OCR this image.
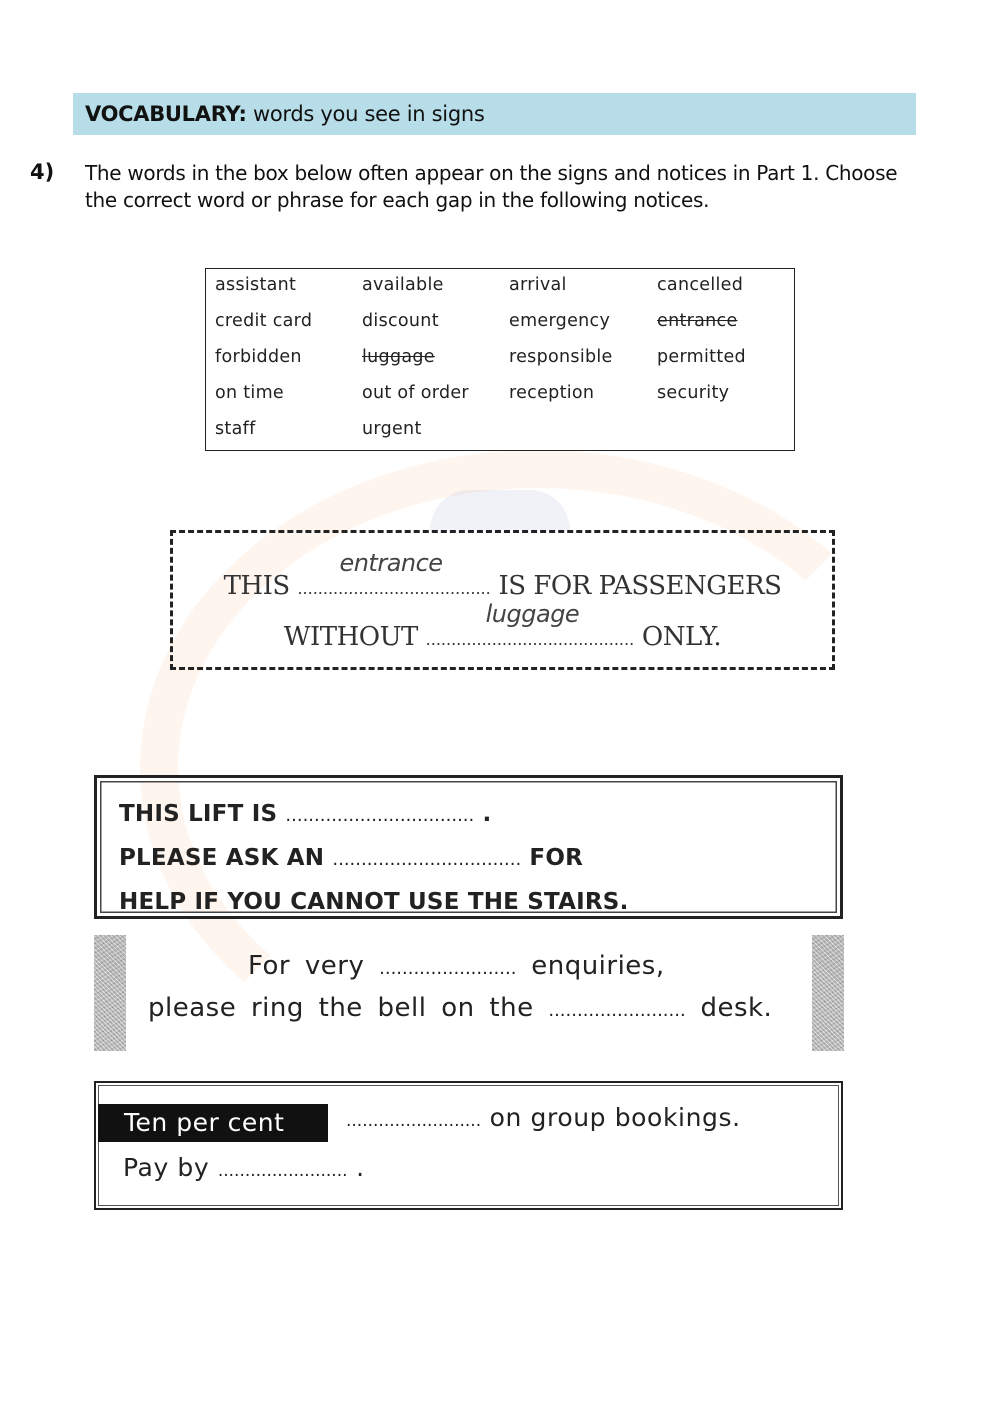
VOCABULARY: words you see in signs
4) The words in the box below often appear on the signs and notices in Part 1. Choose the correct word or phrase for each gap in the following notices.
assistant	available	arrival	cancelled
credit card	discount	emergency	entrance
forbidden	luggage	responsible	permitted
on time	out of order	reception	security
staff	urgent
THIS ......................................
entrance
IS FOR PASSENGERS
WITHOUT .........................................
luggage
ONLY.
THIS LIFT IS ................................. .
PLEASE ASK AN ................................. FOR
HELP IF YOU CANNOT USE THE STAIRS.
For very ........................ enquiries,
please ring the bell on the ........................ desk.
Ten per cent	......................... on group bookings.
Pay by ........................ .
